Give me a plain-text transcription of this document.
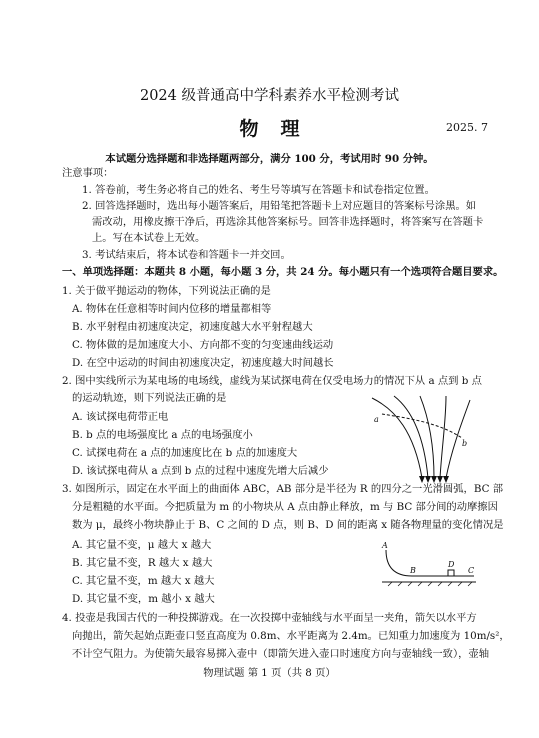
2024 级普通高中学科素养水平检测考试
物理	2025. 7
本试题分选择题和非选择题两部分，满分 100 分，考试用时 90 分钟。
注意事项：
1. 答卷前，考生务必将自己的姓名、考生号等填写在答题卡和试卷指定位置。
2. 回答选择题时，选出每小题答案后，用铅笔把答题卡上对应题目的答案标号涂黑。如
需改动，用橡皮擦干净后，再选涂其他答案标号。回答非选择题时，将答案写在答题卡
上。写在本试卷上无效。
3. 考试结束后，将本试卷和答题卡一并交回。
一、单项选择题：本题共 8 小题，每小题 3 分，共 24 分。每小题只有一个选项符合题目要求。
1. 关于做平抛运动的物体，下列说法正确的是
A. 物体在任意相等时间内位移的增量都相等
B. 水平射程由初速度决定，初速度越大水平射程越大
C. 物体做的是加速度大小、方向都不变的匀变速曲线运动
D. 在空中运动的时间由初速度决定，初速度越大时间越长
2. 图中实线所示为某电场的电场线，虚线为某试探电荷在仅受电场力的情况下从 a 点到 b 点
的运动轨迹，则下列说法正确的是
A. 该试探电荷带正电
B. b 点的电场强度比 a 点的电场强度小
C. 试探电荷在 a 点的加速度比在 b 点的加速度大
D. 该试探电荷从 a 点到 b 点的过程中速度先增大后减少
a
b
3. 如图所示，固定在水平面上的曲面体 ABC，AB 部分是半径为 R 的四分之一光滑圆弧，BC 部
分是粗糙的水平面。今把质量为 m 的小物块从 A 点由静止释放，m 与 BC 部分间的动摩擦因
数为 μ，最终小物块静止于 B、C 之间的 D 点，则 B、D 间的距离 x 随各物理量的变化情况是
A. 其它量不变，μ 越大 x 越大
B. 其它量不变，R 越大 x 越大
C. 其它量不变，m 越大 x 越大
D. 其它量不变，m 越小 x 越大
A
B
D
C
4. 投壶是我国古代的一种投掷游戏。在一次投掷中壶轴线与水平面呈一夹角，箭矢以水平方
向抛出，箭矢起始点距壶口竖直高度为 0.8m、水平距离为 2.4m。已知重力加速度为 10m/s²，
不计空气阻力。为使箭矢最容易掷入壶中（即箭矢进入壶口时速度方向与壶轴线一致），壶轴
物理试题 第 1 页（共 8 页）
